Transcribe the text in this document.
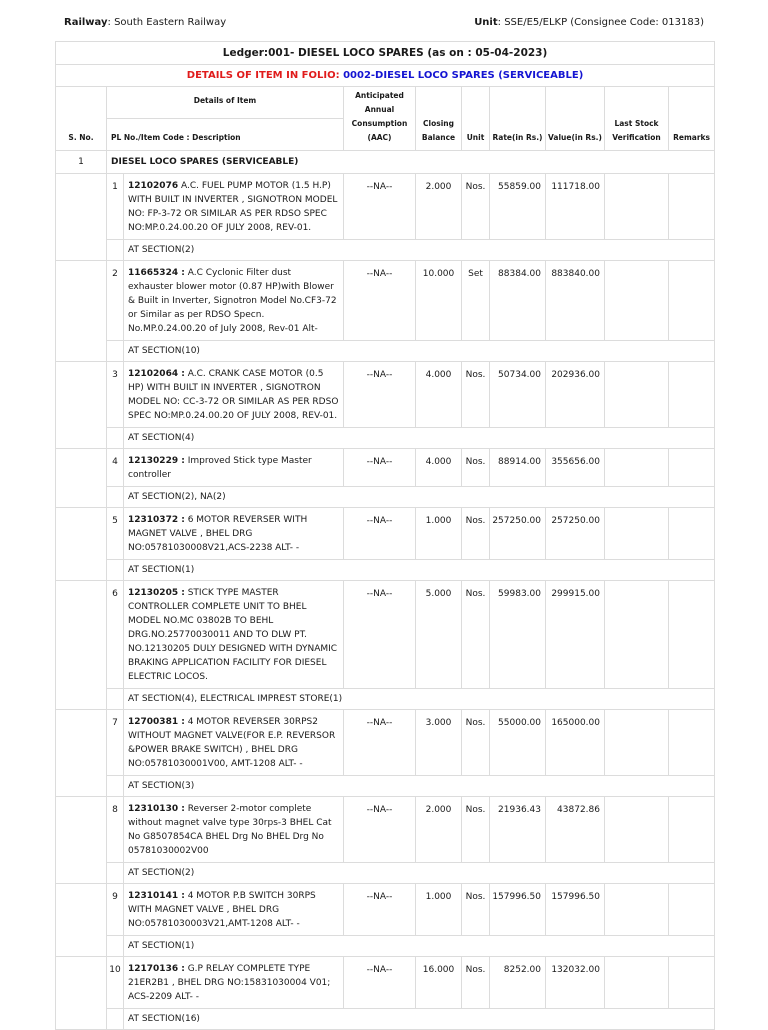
Railway: South Eastern Railway	Unit: SSE/E5/ELKP (Consignee Code: 013183)
Ledger:001- DIESEL LOCO SPARES (as on : 05-04-2023)									
DETAILS OF ITEM IN FOLIO: 0002-DIESEL LOCO SPARES (SERVICEABLE)									
S. No.	Details of Item		Anticipated Annual Consumption (AAC)	Closing Balance	Unit	Rate(in Rs.)	Value(in Rs.)	Last Stock Verification	Remarks
	PL No./Item Code : Description								
1	DIESEL LOCO SPARES (SERVICEABLE)								
	1	12102076 A.C. FUEL PUMP MOTOR (1.5 H.P) WITH BUILT IN INVERTER , SIGNOTRON MODEL NO: FP-3-72 OR SIMILAR AS PER RDSO SPEC NO:MP.0.24.00.20 OF JULY 2008, REV-01.	--NA--	2.000	Nos.	55859.00	111718.00		
		AT SECTION(2)							
	2	11665324 : A.C Cyclonic Filter dust exhauster blower motor (0.87 HP)with Blower & Built in Inverter, Signotron Model No.CF3-72 or Similar as per RDSO Specn. No.MP.0.24.00.20 of July 2008, Rev-01 Alt-	--NA--	10.000	Set	88384.00	883840.00		
		AT SECTION(10)							
	3	12102064 : A.C. CRANK CASE MOTOR (0.5 HP) WITH BUILT IN INVERTER , SIGNOTRON MODEL NO: CC-3-72 OR SIMILAR AS PER RDSO SPEC NO:MP.0.24.00.20 OF JULY 2008, REV-01.	--NA--	4.000	Nos.	50734.00	202936.00		
		AT SECTION(4)							
	4	12130229 : Improved Stick type Master controller	--NA--	4.000	Nos.	88914.00	355656.00		
		AT SECTION(2), NA(2)							
	5	12310372 : 6 MOTOR REVERSER WITH MAGNET VALVE , BHEL DRG NO:05781030008V21,ACS-2238 ALT- -	--NA--	1.000	Nos.	257250.00	257250.00		
		AT SECTION(1)							
	6	12130205 : STICK TYPE MASTER CONTROLLER COMPLETE UNIT TO BHEL MODEL NO.MC 03802B TO BEHL DRG.NO.25770030011 AND TO DLW PT. NO.12130205 DULY DESIGNED WITH DYNAMIC BRAKING APPLICATION FACILITY FOR DIESEL ELECTRIC LOCOS.	--NA--	5.000	Nos.	59983.00	299915.00		
		AT SECTION(4), ELECTRICAL IMPREST STORE(1)							
	7	12700381 : 4 MOTOR REVERSER 30RPS2 WITHOUT MAGNET VALVE(FOR E.P. REVERSOR &POWER BRAKE SWITCH) , BHEL DRG NO:05781030001V00, AMT-1208 ALT- -	--NA--	3.000	Nos.	55000.00	165000.00		
		AT SECTION(3)							
	8	12310130 : Reverser 2-motor complete without magnet valve type 30rps-3 BHEL Cat No G8507854CA BHEL Drg No BHEL Drg No 05781030002V00	--NA--	2.000	Nos.	21936.43	43872.86		
		AT SECTION(2)							
	9	12310141 : 4 MOTOR P.B SWITCH 30RPS WITH MAGNET VALVE , BHEL DRG NO:05781030003V21,AMT-1208 ALT- -	--NA--	1.000	Nos.	157996.50	157996.50		
		AT SECTION(1)							
	10	12170136 : G.P RELAY COMPLETE TYPE 21ER2B1 , BHEL DRG NO:15831030004 V01; ACS-2209 ALT- -	--NA--	16.000	Nos.	8252.00	132032.00		
		AT SECTION(16)							
